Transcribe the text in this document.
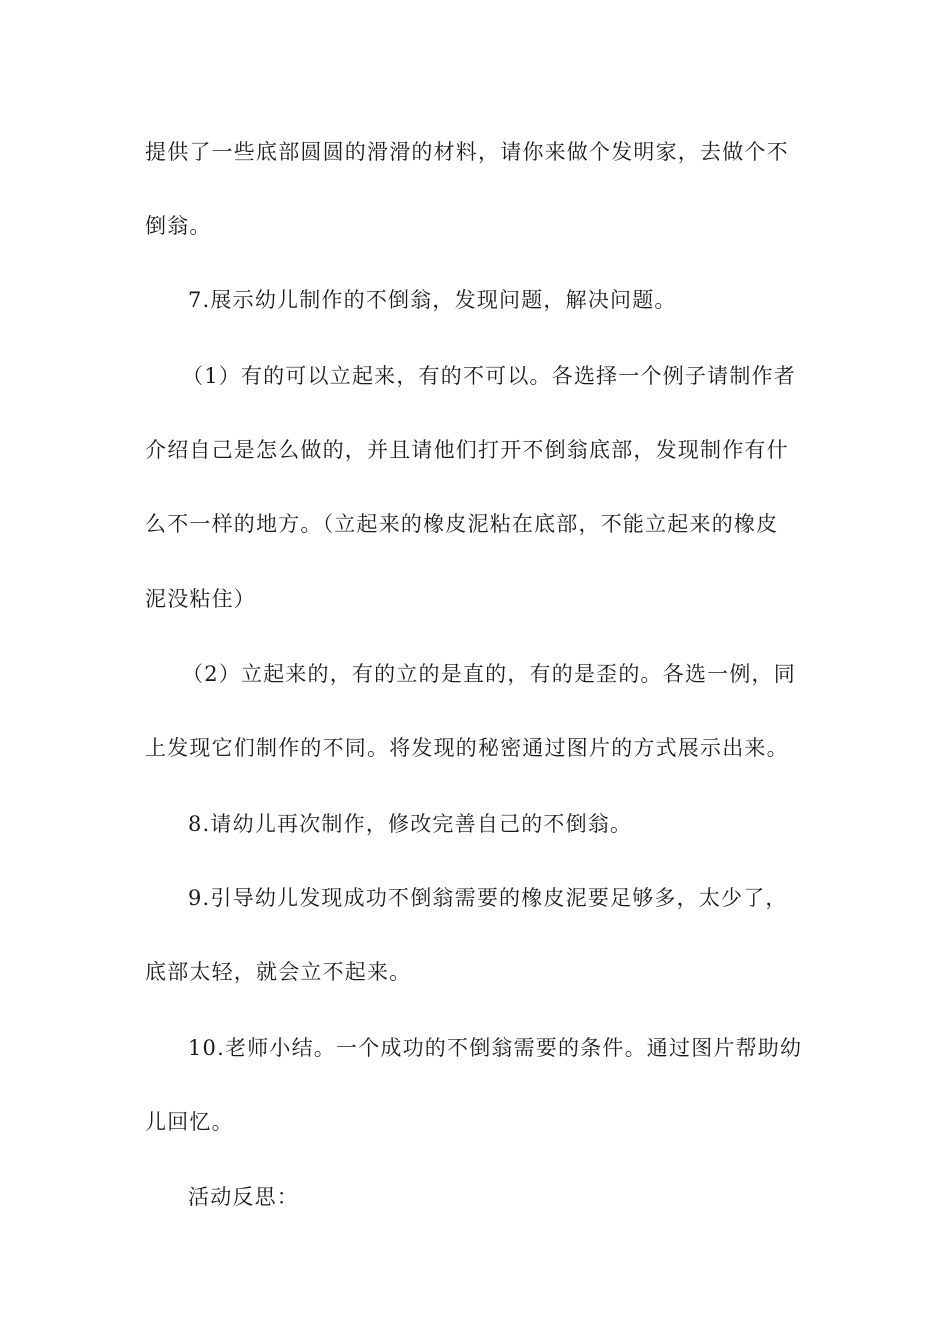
提供了一些底部圆圆的滑滑的材料，请你来做个发明家，去做个不
倒翁。
7.展示幼儿制作的不倒翁，发现问题，解决问题。
（1）有的可以立起来，有的不可以。各选择一个例子请制作者
介绍自己是怎么做的，并且请他们打开不倒翁底部，发现制作有什
么不一样的地方。（立起来的橡皮泥粘在底部，不能立起来的橡皮
泥没粘住）
（2）立起来的，有的立的是直的，有的是歪的。各选一例，同
上发现它们制作的不同。将发现的秘密通过图片的方式展示出来。
8.请幼儿再次制作，修改完善自己的不倒翁。
9.引导幼儿发现成功不倒翁需要的橡皮泥要足够多，太少了，
底部太轻，就会立不起来。
10.老师小结。一个成功的不倒翁需要的条件。通过图片帮助幼
儿回忆。
活动反思：
